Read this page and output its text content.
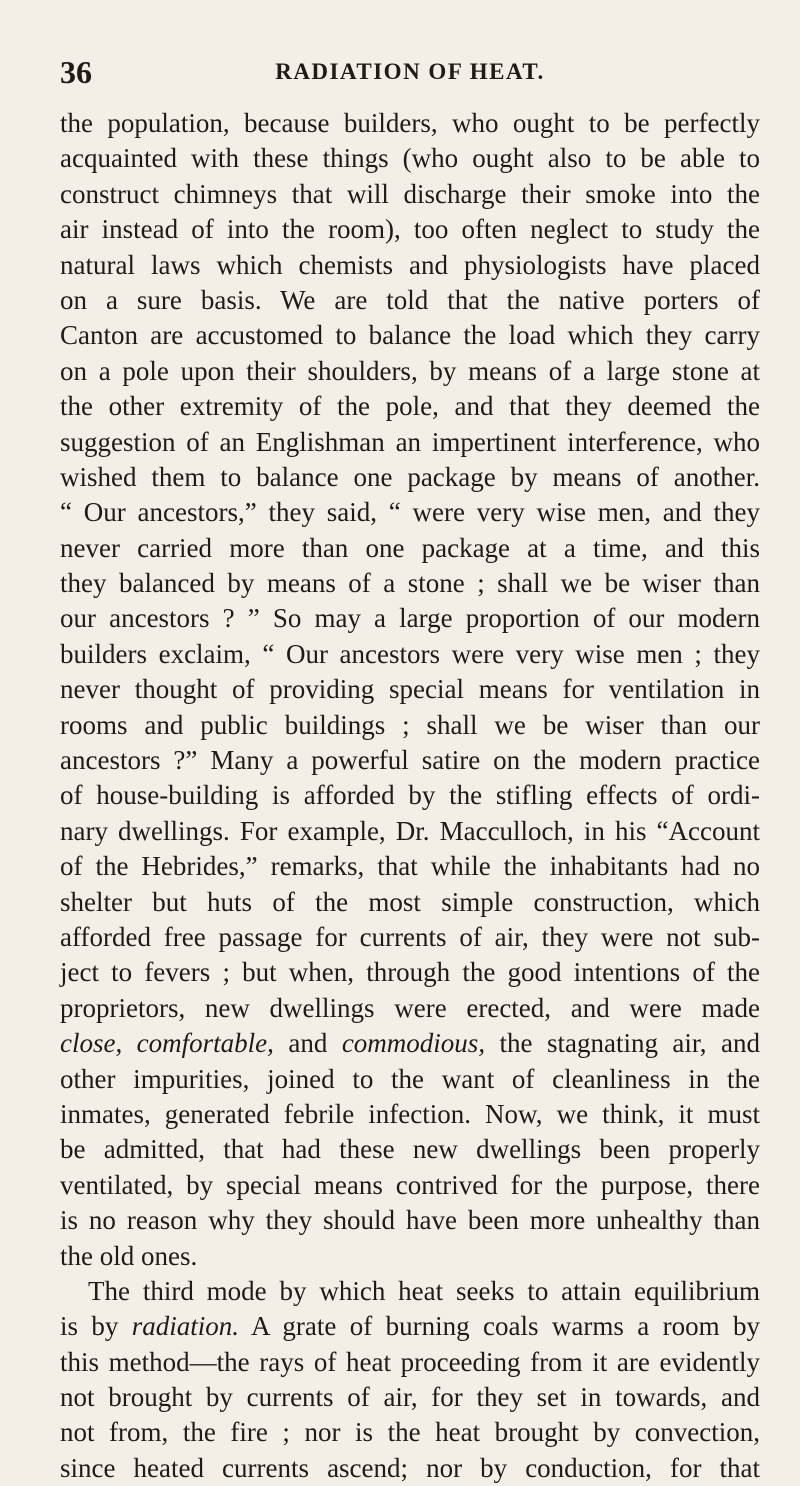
36	RADIATION OF HEAT.
the population, because builders, who ought to be perfectly
acquainted with these things (who ought also to be able to
construct chimneys that will discharge their smoke into the
air instead of into the room), too often neglect to study the
natural laws which chemists and physiologists have placed
on a sure basis. We are told that the native porters of
Canton are accustomed to balance the load which they carry
on a pole upon their shoulders, by means of a large stone at
the other extremity of the pole, and that they deemed the
suggestion of an Englishman an impertinent interference, who
wished them to balance one package by means of another.
“ Our ancestors,” they said, “ were very wise men, and they
never carried more than one package at a time, and this
they balanced by means of a stone ; shall we be wiser than
our ancestors ? ” So may a large proportion of our modern
builders exclaim, “ Our ancestors were very wise men ; they
never thought of providing special means for ventilation in
rooms and public buildings ; shall we be wiser than our
ancestors ?” Many a powerful satire on the modern practice
of house-building is afforded by the stifling effects of ordi-
nary dwellings. For example, Dr. Macculloch, in his “Account
of the Hebrides,” remarks, that while the inhabitants had no
shelter but huts of the most simple construction, which
afforded free passage for currents of air, they were not sub-
ject to fevers ; but when, through the good intentions of the
proprietors, new dwellings were erected, and were made
close, comfortable, and commodious, the stagnating air, and
other impurities, joined to the want of cleanliness in the
inmates, generated febrile infection. Now, we think, it must
be admitted, that had these new dwellings been properly
ventilated, by special means contrived for the purpose, there
is no reason why they should have been more unhealthy than
the old ones.
The third mode by which heat seeks to attain equilibrium
is by radiation. A grate of burning coals warms a room by
this method—the rays of heat proceeding from it are evidently
not brought by currents of air, for they set in towards, and
not from, the fire ; nor is the heat brought by convection,
since heated currents ascend; nor by conduction, for that
